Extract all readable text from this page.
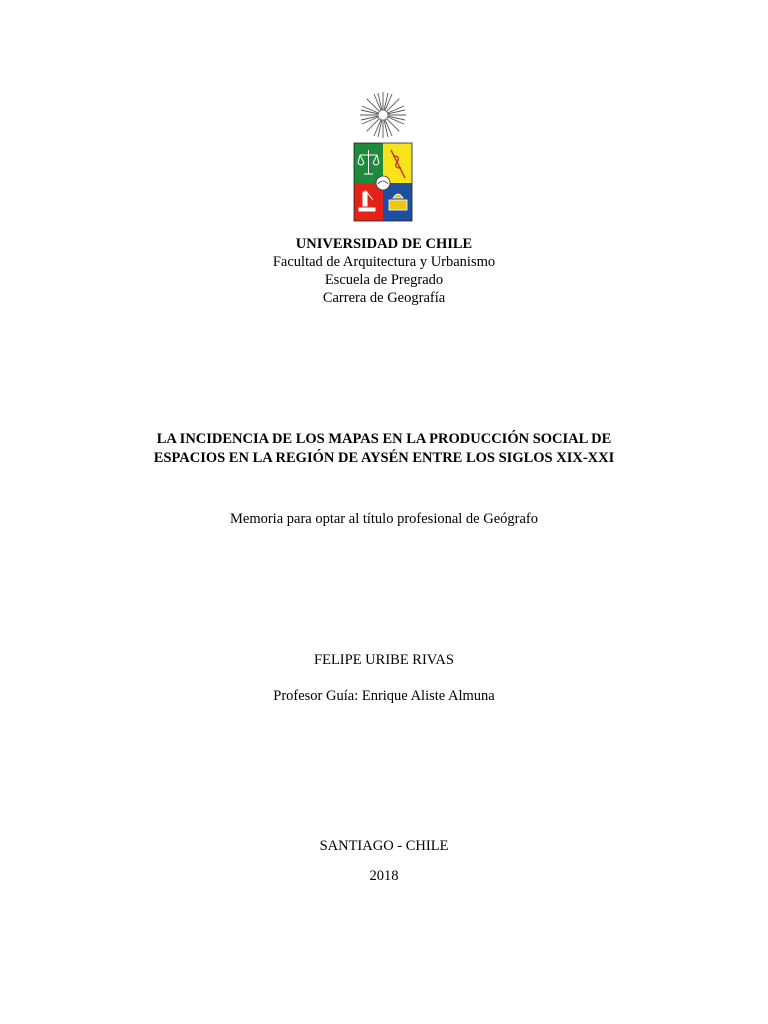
UNIVERSIDAD DE CHILE
Facultad de Arquitectura y Urbanismo
Escuela de Pregrado
Carrera de Geografía
LA INCIDENCIA DE LOS MAPAS EN LA PRODUCCIÓN SOCIAL DE
ESPACIOS EN LA REGIÓN DE AYSÉN ENTRE LOS SIGLOS XIX-XXI
Memoria para optar al título profesional de Geógrafo
FELIPE URIBE RIVAS
Profesor Guía: Enrique Aliste Almuna
SANTIAGO - CHILE
2018
